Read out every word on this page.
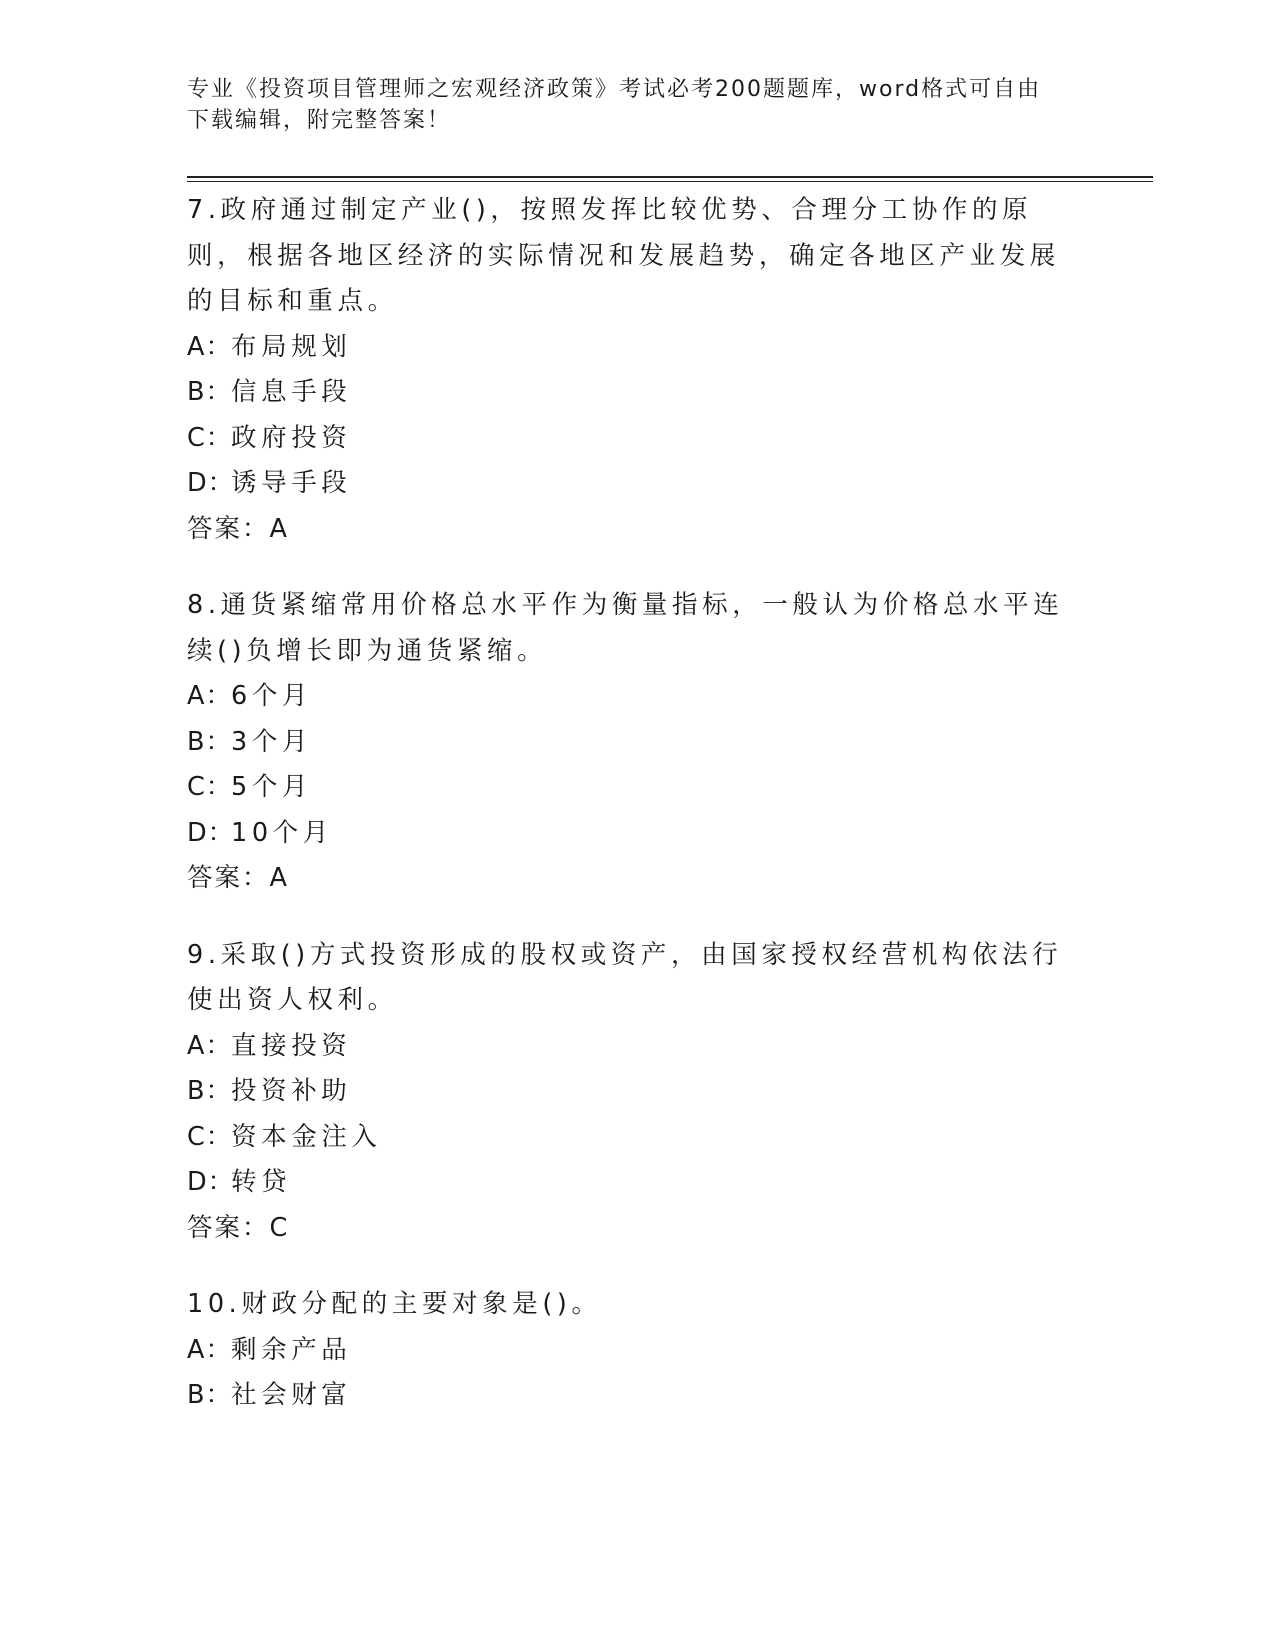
专业《投资项目管理师之宏观经济政策》考试必考200题题库，word格式可自由
下载编辑，附完整答案！

7.政府通过制定产业()，按照发挥比较优势、合理分工协作的原则，根据各地区经济的实际情况和发展趋势，确定各地区产业发展的目标和重点。

A：布局规划
B：信息手段
C：政府投资
D：诱导手段

答案：A

8.通货紧缩常用价格总水平作为衡量指标，一般认为价格总水平连续()负增长即为通货紧缩。

A：6个月
B：3个月
C：5个月
D：10个月

答案：A

9.采取()方式投资形成的股权或资产，由国家授权经营机构依法行使出资人权利。

A：直接投资
B：投资补助
C：资本金注入
D：转贷

答案：C

10.财政分配的主要对象是()。

A：剩余产品
B：社会财富
